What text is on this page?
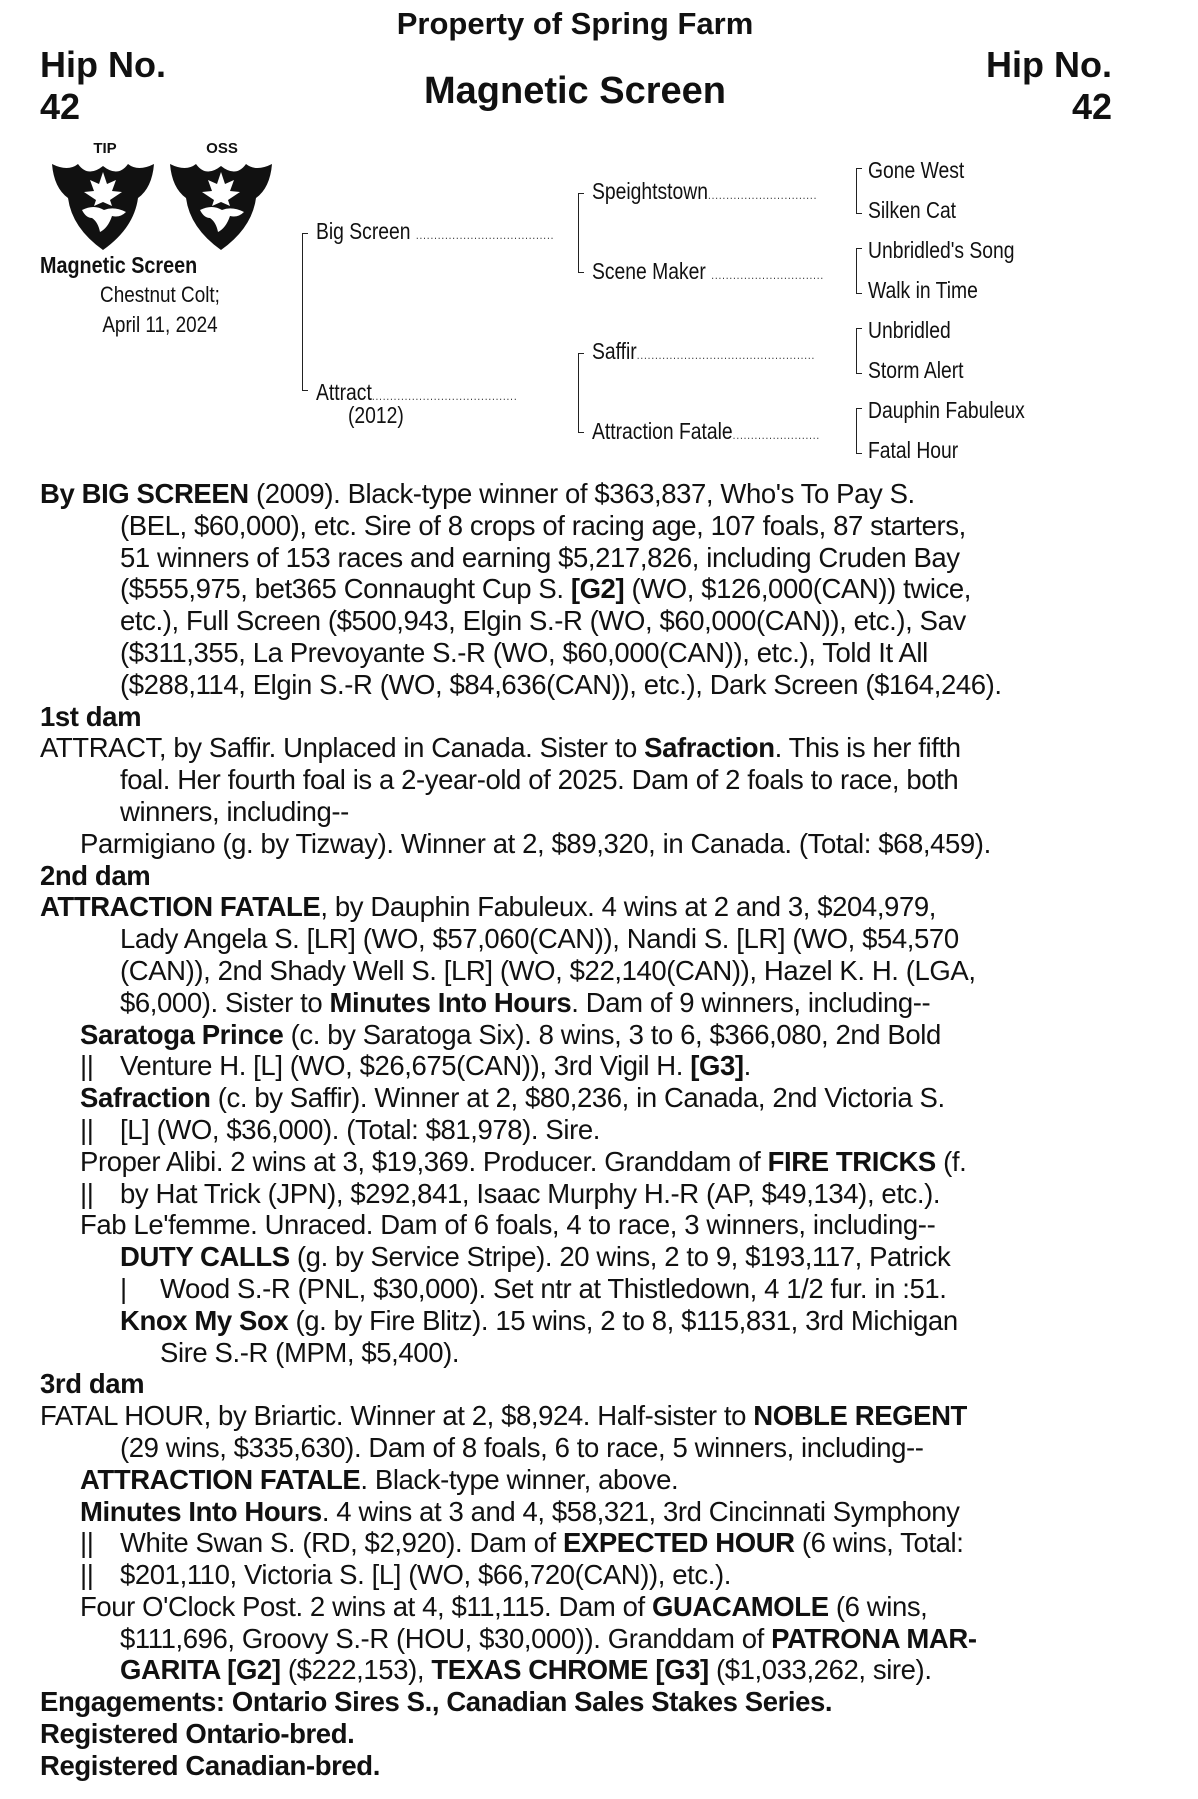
Property of Spring Farm
Hip No.
42	Magnetic Screen
Hip No.
42
TIP	OSS
Magnetic Screen
Chestnut Colt;
April 11, 2024
Big Screen ......................................
Attract........................................
(2012)
Speightstown..............................
Scene Maker ...............................
Saffir.................................................
Attraction Fatale........................
Gone West
Silken Cat
Unbridled's Song
Walk in Time
Unbridled
Storm Alert
Dauphin Fabuleux
Fatal Hour

By BIG SCREEN (2009). Black-type winner of $363,837, Who's To Pay S.

(BEL, $60,000), etc. Sire of 8 crops of racing age, 107 foals, 87 starters,

51 winners of 153 races and earning $5,217,826, including Cruden Bay

($555,975, bet365 Connaught Cup S. [G2] (WO, $126,000(CAN)) twice,

etc.), Full Screen ($500,943, Elgin S.-R (WO, $60,000(CAN)), etc.), Sav

($311,355, La Prevoyante S.-R (WO, $60,000(CAN)), etc.), Told It All

($288,114, Elgin S.-R (WO, $84,636(CAN)), etc.), Dark Screen ($164,246).

1st dam

ATTRACT, by Saffir. Unplaced in Canada. Sister to Safraction. This is her fifth

foal. Her fourth foal is a 2-year-old of 2025. Dam of 2 foals to race, both

winners, including--

Parmigiano (g. by Tizway). Winner at 2, $89,320, in Canada. (Total: $68,459).

2nd dam

ATTRACTION FATALE, by Dauphin Fabuleux. 4 wins at 2 and 3, $204,979,

Lady Angela S. [LR] (WO, $57,060(CAN)), Nandi S. [LR] (WO, $54,570

(CAN)), 2nd Shady Well S. [LR] (WO, $22,140(CAN)), Hazel K. H. (LGA,

$6,000). Sister to Minutes Into Hours. Dam of 9 winners, including--

Saratoga Prince (c. by Saratoga Six). 8 wins, 3 to 6, $366,080, 2nd Bold

|| Venture H. [L] (WO, $26,675(CAN)), 3rd Vigil H. [G3].

Safraction (c. by Saffir). Winner at 2, $80,236, in Canada, 2nd Victoria S.

|| [L] (WO, $36,000). (Total: $81,978). Sire.

Proper Alibi. 2 wins at 3, $19,369. Producer. Granddam of FIRE TRICKS (f.

|| by Hat Trick (JPN), $292,841, Isaac Murphy H.-R (AP, $49,134), etc.).

Fab Le'femme. Unraced. Dam of 6 foals, 4 to race, 3 winners, including--

DUTY CALLS (g. by Service Stripe). 20 wins, 2 to 9, $193,117, Patrick

| Wood S.-R (PNL, $30,000). Set ntr at Thistledown, 4 1/2 fur. in :51.

Knox My Sox (g. by Fire Blitz). 15 wins, 2 to 8, $115,831, 3rd Michigan

Sire S.-R (MPM, $5,400).

3rd dam

FATAL HOUR, by Briartic. Winner at 2, $8,924. Half-sister to NOBLE REGENT

(29 wins, $335,630). Dam of 8 foals, 6 to race, 5 winners, including--

ATTRACTION FATALE. Black-type winner, above.

Minutes Into Hours. 4 wins at 3 and 4, $58,321, 3rd Cincinnati Symphony

|| White Swan S. (RD, $2,920). Dam of EXPECTED HOUR (6 wins, Total:

|| $201,110, Victoria S. [L] (WO, $66,720(CAN)), etc.).

Four O'Clock Post. 2 wins at 4, $11,115. Dam of GUACAMOLE (6 wins,

$111,696, Groovy S.-R (HOU, $30,000)). Granddam of PATRONA MAR-

GARITA [G2] ($222,153), TEXAS CHROME [G3] ($1,033,262, sire).

Engagements: Ontario Sires S., Canadian Sales Stakes Series.

Registered Ontario-bred.

Registered Canadian-bred.
